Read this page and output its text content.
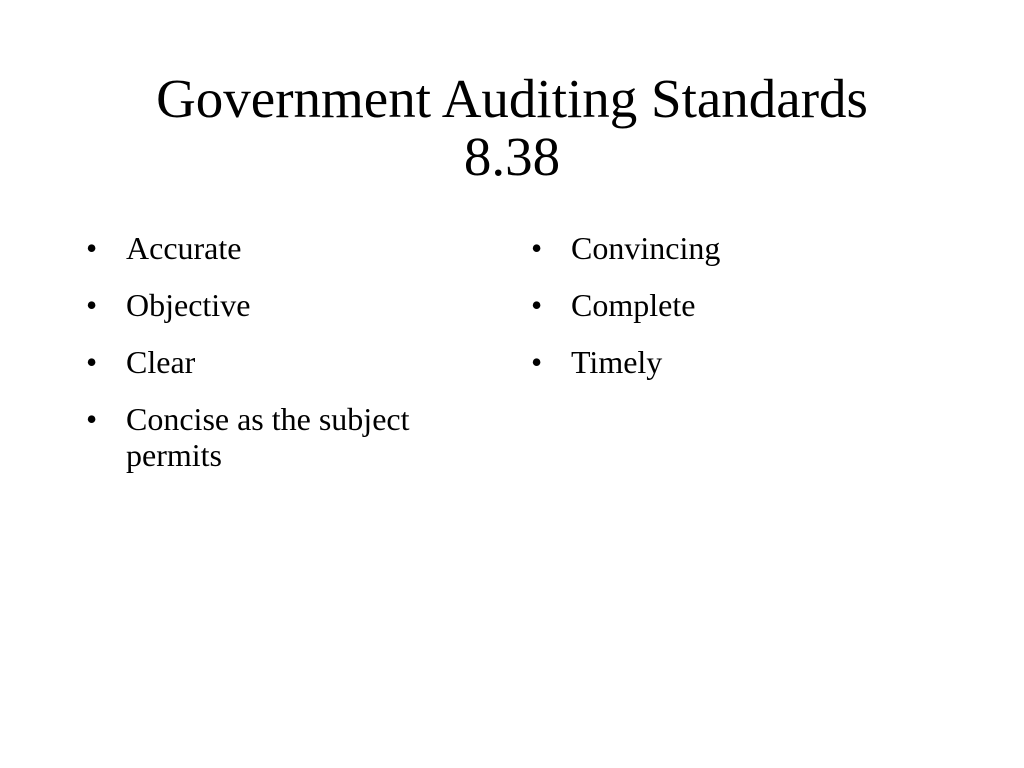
Government Auditing Standards
8.38
• Accurate
• Objective
• Clear
• Concise as the subject permits
• Convincing
• Complete
• Timely
